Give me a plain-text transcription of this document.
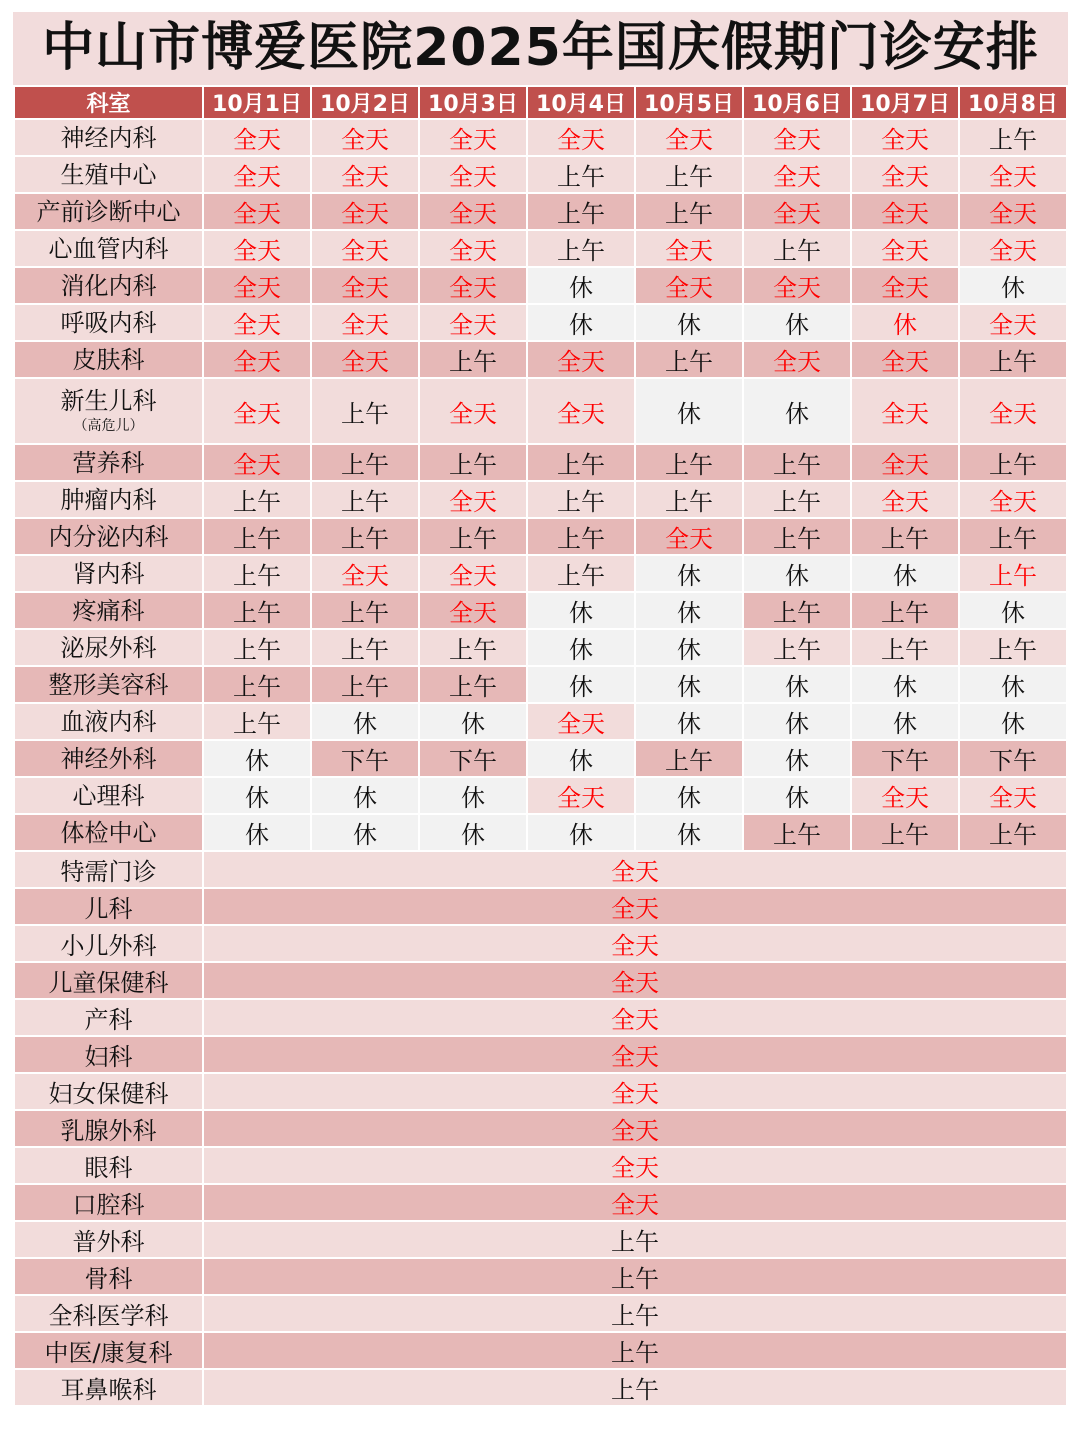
中山市博爱医院2025年国庆假期门诊安排
科室	10月1日	10月2日	10月3日	10月4日	10月5日	10月6日	10月7日	10月8日

神经内科	全天	全天	全天	全天	全天	全天	全天	上午

生殖中心	全天	全天	全天	上午	上午	全天	全天	全天

产前诊断中心	全天	全天	全天	上午	上午	全天	全天	全天

心血管内科	全天	全天	全天	上午	全天	上午	全天	全天

消化内科	全天	全天	全天	休	全天	全天	全天	休

呼吸内科	全天	全天	全天	休	休	休	休	全天

皮肤科	全天	全天	上午	全天	上午	全天	全天	上午

新生儿科
（高危儿）	全天	上午	全天	全天	休	休	全天	全天

营养科	全天	上午	上午	上午	上午	上午	全天	上午

肿瘤内科	上午	上午	全天	上午	上午	上午	全天	全天

内分泌内科	上午	上午	上午	上午	全天	上午	上午	上午

肾内科	上午	全天	全天	上午	休	休	休	上午

疼痛科	上午	上午	全天	休	休	上午	上午	休

泌尿外科	上午	上午	上午	休	休	上午	上午	上午

整形美容科	上午	上午	上午	休	休	休	休	休

血液内科	上午	休	休	全天	休	休	休	休

神经外科	休	下午	下午	休	上午	休	下午	下午

心理科	休	休	休	全天	休	休	全天	全天

体检中心	休	休	休	休	休	上午	上午	上午
特需门诊	全天							
儿科	全天							
小儿外科	全天							
儿童保健科	全天							
产科	全天							
妇科	全天							
妇女保健科	全天							
乳腺外科	全天							
眼科	全天							
口腔科	全天							
普外科	上午							
骨科	上午							
全科医学科	上午							
中医/康复科	上午							
耳鼻喉科	上午							
